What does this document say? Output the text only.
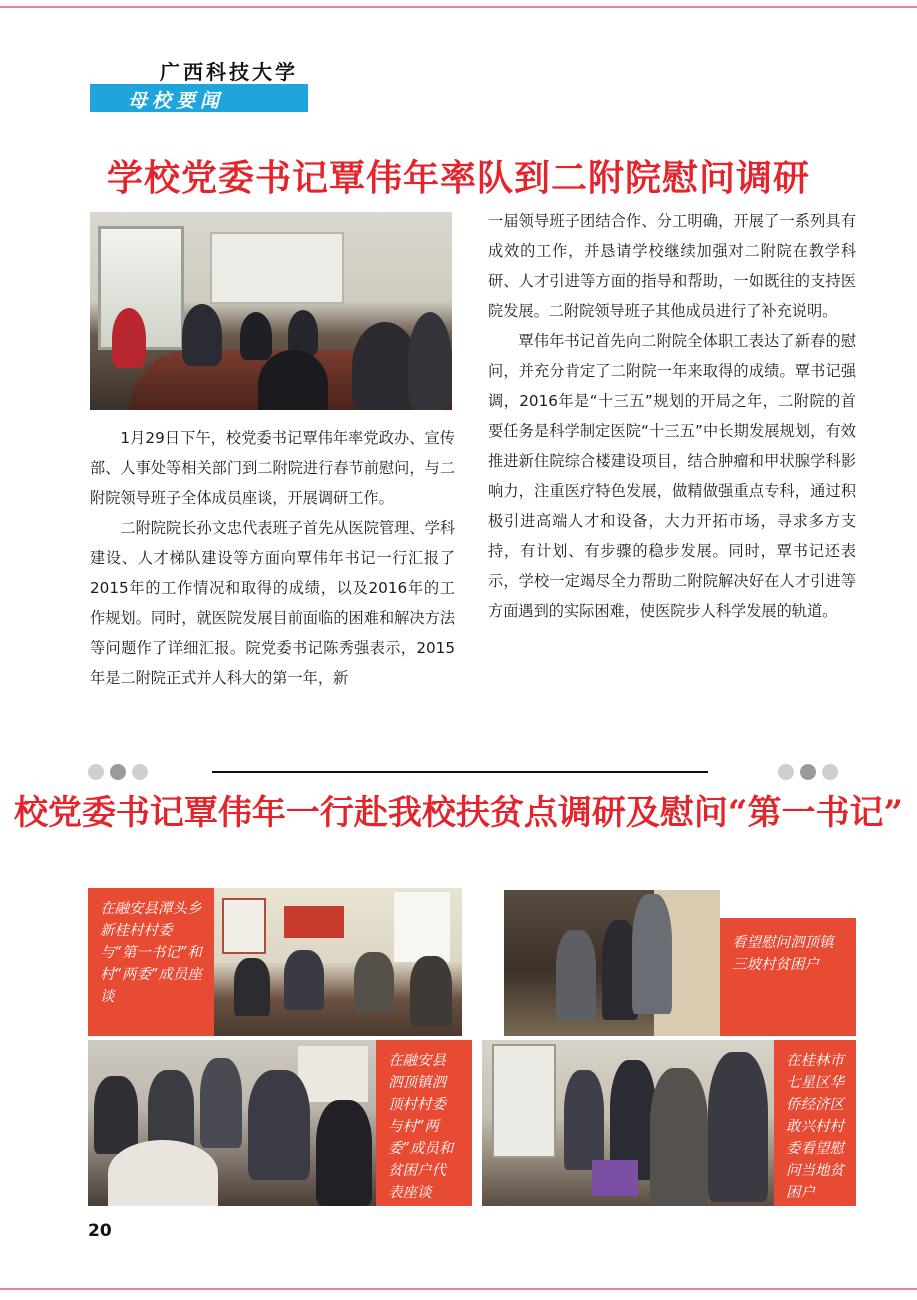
广西科技大学
母校要闻
学校党委书记覃伟年率队到二附院慰问调研

1月29日下午，校党委书记覃伟年率党政办、宣传部、人事处等相关部门到二附院进行春节前慰问，与二附院领导班子全体成员座谈，开展调研工作。

二附院院长孙文忠代表班子首先从医院管理、学科建设、人才梯队建设等方面向覃伟年书记一行汇报了2015年的工作情况和取得的成绩，以及2016年的工作规划。同时，就医院发展目前面临的困难和解决方法等问题作了详细汇报。院党委书记陈秀强表示，2015年是二附院正式并人科大的第一年，新

一届领导班子团结合作、分工明确，开展了一系列具有成效的工作，并恳请学校继续加强对二附院在教学科研、人才引进等方面的指导和帮助，一如既往的支持医院发展。二附院领导班子其他成员进行了补充说明。

覃伟年书记首先向二附院全体职工表达了新春的慰问，并充分肯定了二附院一年来取得的成绩。覃书记强调，2016年是“十三五”规划的开局之年，二附院的首要任务是科学制定医院“十三五”中长期发展规划，有效推进新住院综合楼建设项目，结合肿瘤和甲状腺学科影响力，注重医疗特色发展，做精做强重点专科，通过积极引进高端人才和设备，大力开拓市场，寻求多方支持，有计划、有步骤的稳步发展。同时，覃书记还表示，学校一定竭尽全力帮助二附院解决好在人才引进等方面遇到的实际困难，使医院步人科学发展的轨道。

校党委书记覃伟年一行赴我校扶贫点调研及慰问“第一书记”
在融安县潭头乡新桂村村委与“第一书记”和村“两委”成员座谈
看望慰问泗顶镇三坡村贫困户
在融安县泗顶镇泗顶村村委与村”两委”成员和贫困户代表座谈
在桂林市七星区华侨经济区敢兴村村委看望慰问当地贫困户
20
